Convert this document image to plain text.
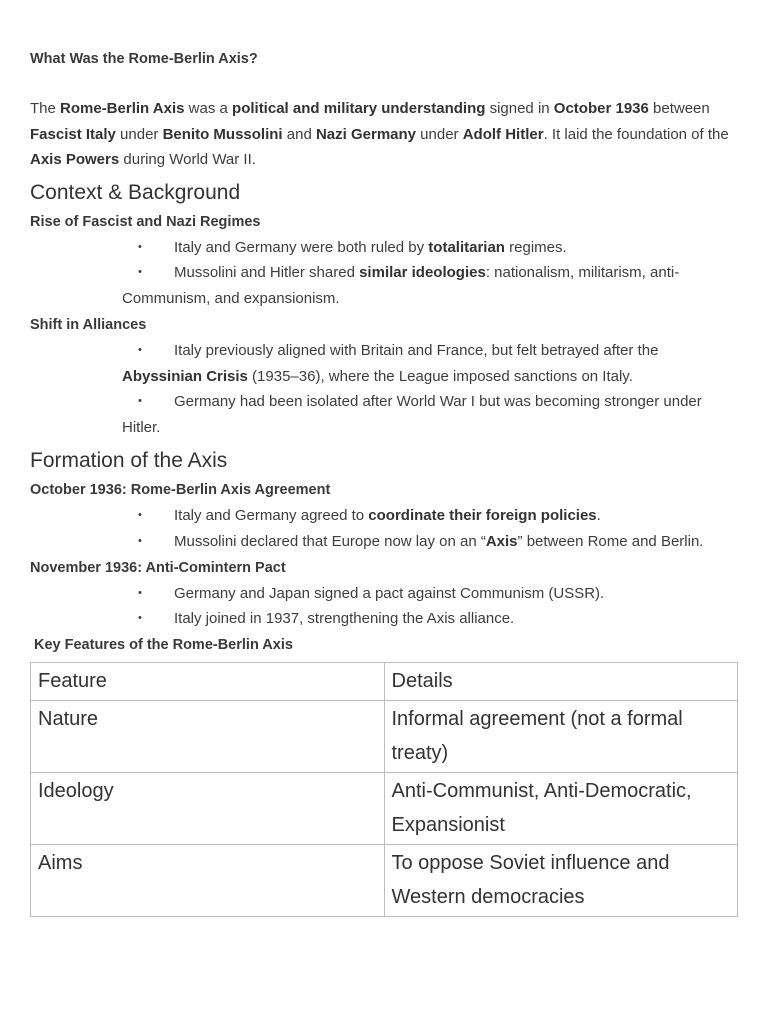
What Was the Rome-Berlin Axis?

The Rome-Berlin Axis was a political and military understanding signed in October 1936 between Fascist Italy under Benito Mussolini and Nazi Germany under Adolf Hitler. It laid the foundation of the Axis Powers during World War II.

Context & Background

Rise of Fascist and Nazi Regimes

• Italy and Germany were both ruled by totalitarian regimes.
• Mussolini and Hitler shared similar ideologies: nationalism, militarism, anti-Communism, and expansionism.

Shift in Alliances

• Italy previously aligned with Britain and France, but felt betrayed after the Abyssinian Crisis (1935–36), where the League imposed sanctions on Italy.
• Germany had been isolated after World War I but was becoming stronger under Hitler.
Formation of the Axis

October 1936: Rome-Berlin Axis Agreement

• Italy and Germany agreed to coordinate their foreign policies.
• Mussolini declared that Europe now lay on an “Axis” between Rome and Berlin.

November 1936: Anti-Comintern Pact

• Germany and Japan signed a pact against Communism (USSR).
• Italy joined in 1937, strengthening the Axis alliance.

Key Features of the Rome-Berlin Axis

Feature	Details
Nature	Informal agreement (not a formal treaty)
Ideology	Anti-Communist, Anti-Democratic, Expansionist
Aims	To oppose Soviet influence and Western democracies
